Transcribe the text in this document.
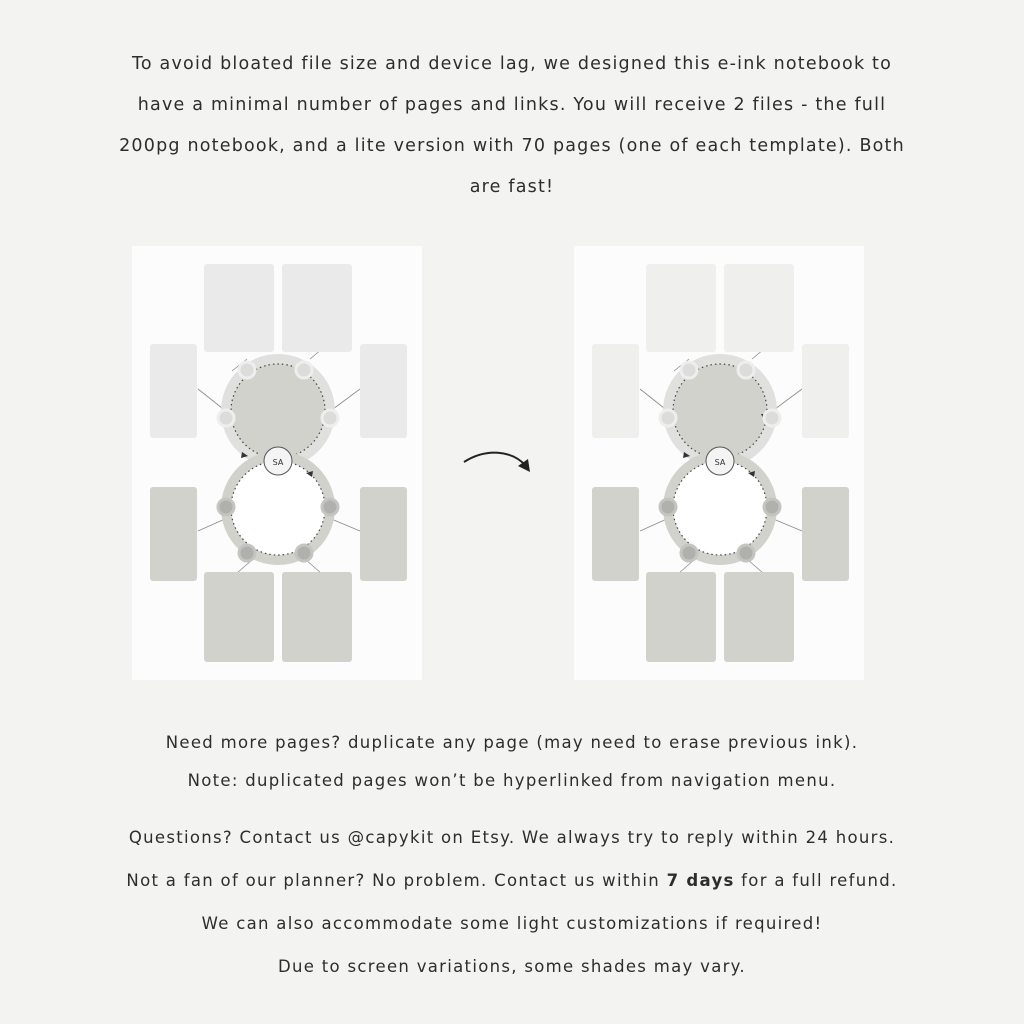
To avoid bloated file size and device lag, we designed this e-ink notebook to
have a minimal number of pages and links. You will receive 2 files - the full
200pg notebook, and a lite version with 70 pages (one of each template). Both
are fast!
SA	SA
Need more pages? duplicate any page (may need to erase previous ink).
Note: duplicated pages won’t be hyperlinked from navigation menu.
Questions? Contact us @capykit on Etsy. We always try to reply within 24 hours.
Not a fan of our planner? No problem. Contact us within 7 days for a full refund.
We can also accommodate some light customizations if required!
Due to screen variations, some shades may vary.
